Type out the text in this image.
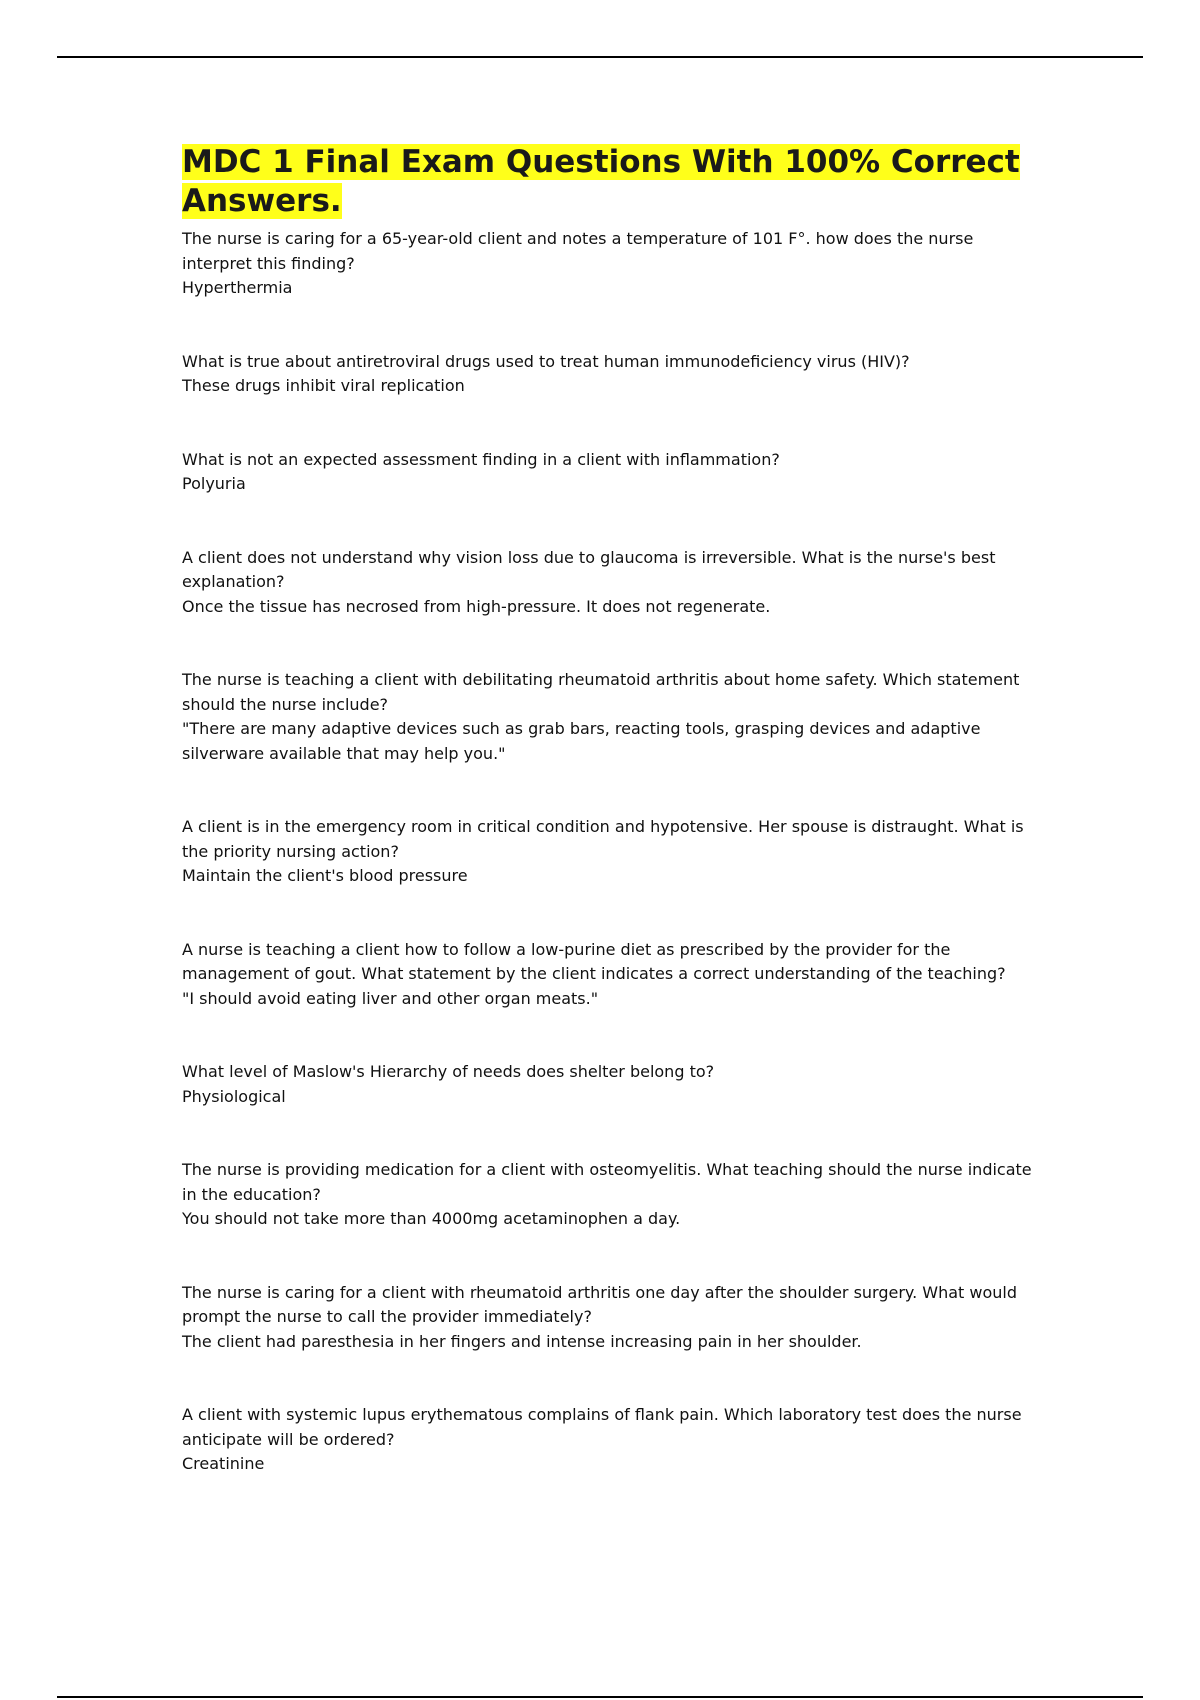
MDC 1 Final Exam Questions With 100% Correct Answers.
The nurse is caring for a 65-year-old client and notes a temperature of 101 F°. how does the nurse interpret this finding?
Hyperthermia
What is true about antiretroviral drugs used to treat human immunodeficiency virus (HIV)?
These drugs inhibit viral replication
What is not an expected assessment finding in a client with inflammation?
Polyuria
A client does not understand why vision loss due to glaucoma is irreversible. What is the nurse's best explanation?
Once the tissue has necrosed from high-pressure. It does not regenerate.
The nurse is teaching a client with debilitating rheumatoid arthritis about home safety. Which statement should the nurse include?
"There are many adaptive devices such as grab bars, reacting tools, grasping devices and adaptive silverware available that may help you."
A client is in the emergency room in critical condition and hypotensive. Her spouse is distraught. What is the priority nursing action?
Maintain the client's blood pressure
A nurse is teaching a client how to follow a low-purine diet as prescribed by the provider for the management of gout. What statement by the client indicates a correct understanding of the teaching?
"I should avoid eating liver and other organ meats."
What level of Maslow's Hierarchy of needs does shelter belong to?
Physiological
The nurse is providing medication for a client with osteomyelitis. What teaching should the nurse indicate in the education?
You should not take more than 4000mg acetaminophen a day.
The nurse is caring for a client with rheumatoid arthritis one day after the shoulder surgery. What would prompt the nurse to call the provider immediately?
The client had paresthesia in her fingers and intense increasing pain in her shoulder.
A client with systemic lupus erythematous complains of flank pain. Which laboratory test does the nurse anticipate will be ordered?
Creatinine
